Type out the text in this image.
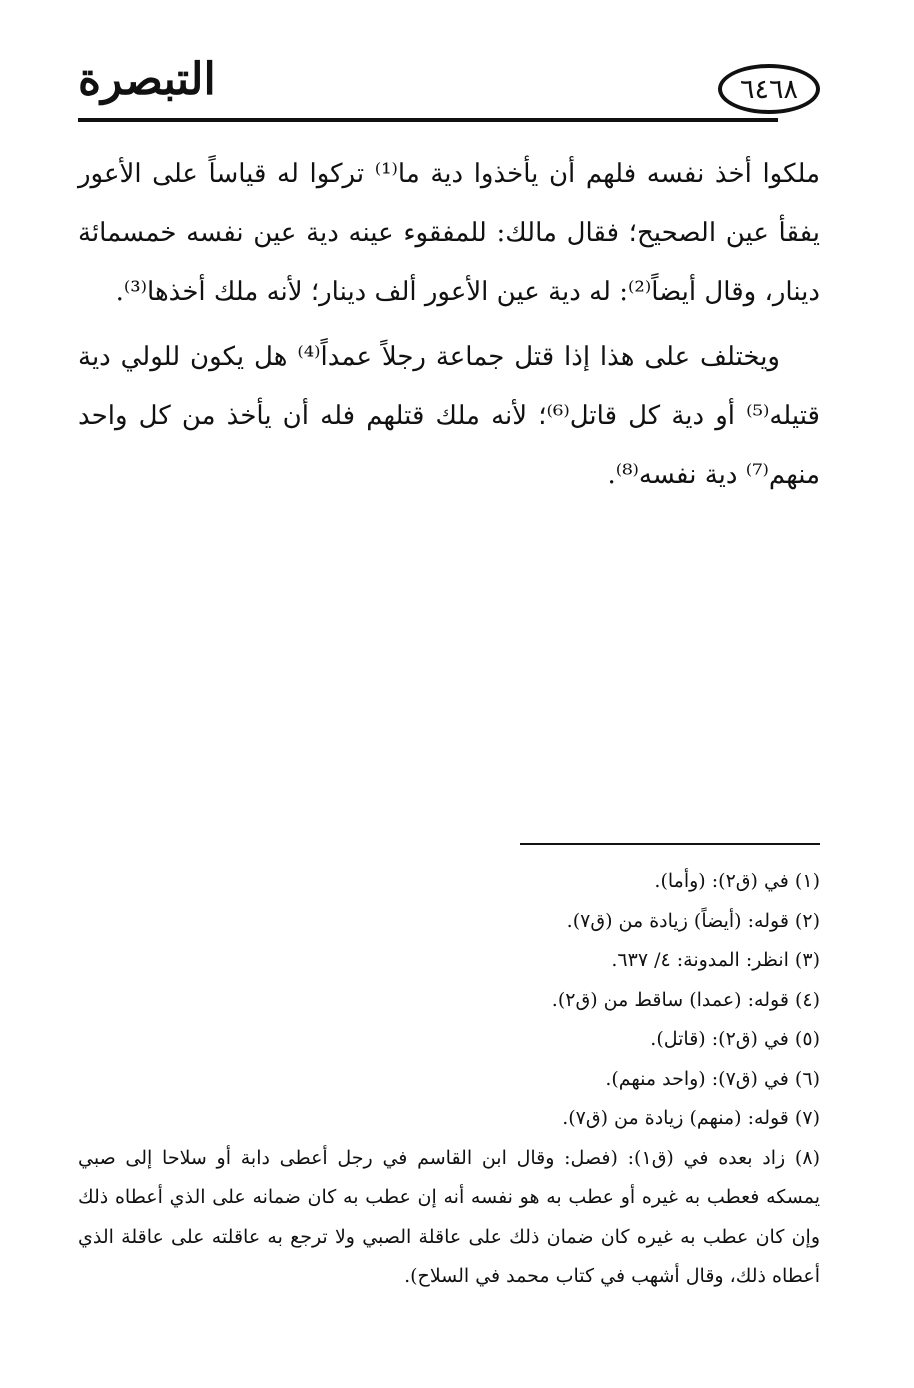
التبصرة	٦٤٦٨

ملكوا أخذ نفسه فلهم أن يأخذوا دية ما⁽¹⁾ تركوا له قياساً على الأعور يفقأ عين الصحيح؛ فقال مالك: للمفقوء عينه دية عين نفسه خمسمائة دينار، وقال أيضاً⁽²⁾: له دية عين الأعور ألف دينار؛ لأنه ملك أخذها⁽³⁾.

ويختلف على هذا إذا قتل جماعة رجلاً عمداً⁽⁴⁾ هل يكون للولي دية قتيله⁽⁵⁾ أو دية كل قاتل⁽⁶⁾؛ لأنه ملك قتلهم فله أن يأخذ من كل واحد منهم⁽⁷⁾ دية نفسه⁽⁸⁾.

(١) في (ق٢): (وأما).

(٢) قوله: (أيضاً) زيادة من (ق٧).

(٣) انظر: المدونة: ٤/ ٦٣٧.

(٤) قوله: (عمدا) ساقط من (ق٢).

(٥) في (ق٢): (قاتل).

(٦) في (ق٧): (واحد منهم).

(٧) قوله: (منهم) زيادة من (ق٧).

(٨) زاد بعده في (ق١): (فصل: وقال ابن القاسم في رجل أعطى دابة أو سلاحا إلى صبي يمسكه فعطب به غيره أو عطب به هو نفسه أنه إن عطب به كان ضمانه على الذي أعطاه ذلك وإن كان عطب به غيره كان ضمان ذلك على عاقلة الصبي ولا ترجع به عاقلته على عاقلة الذي أعطاه ذلك، وقال أشهب في كتاب محمد في السلاح).
